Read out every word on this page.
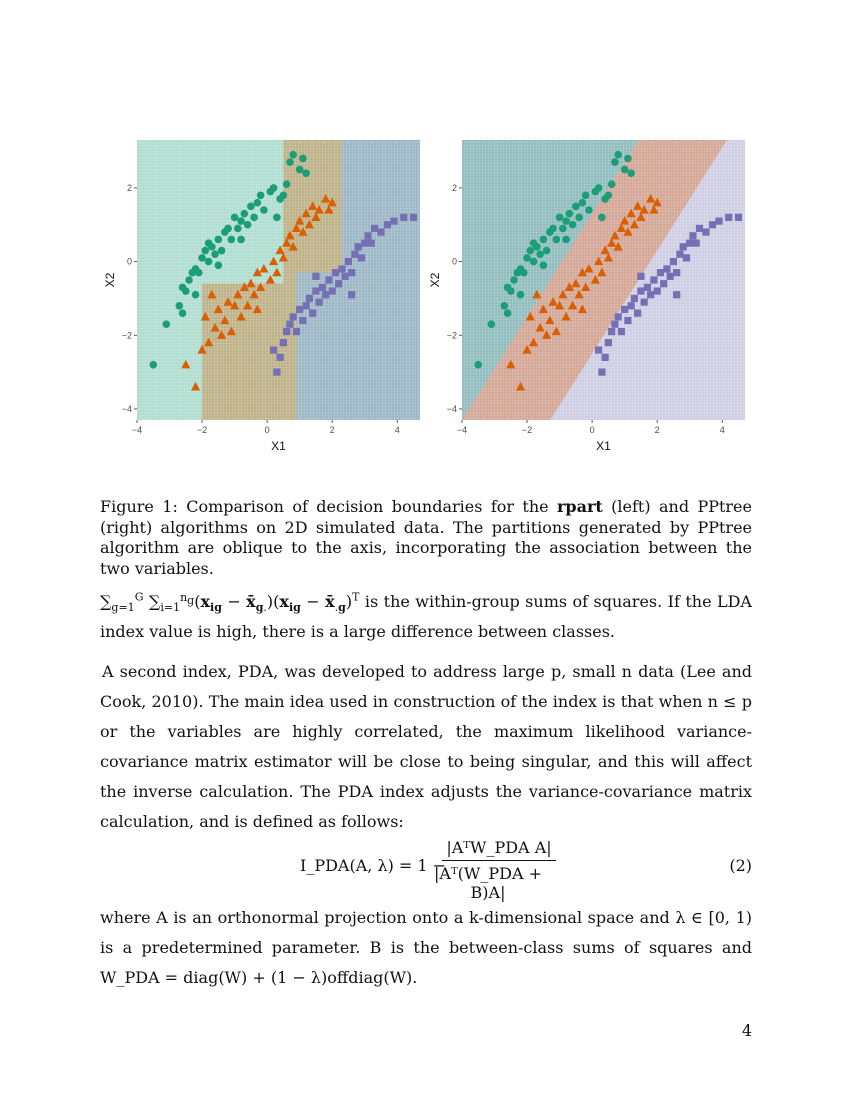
−4	−2	0	2	4
−4
−2
0
2
X1
X2
−4	−2	0	2	4
−4
−2
0
2
X1
X2
Figure 1: Comparison of decision boundaries for the rpart (left) and PPtree (right) algorithms on 2D simulated data. The partitions generated by PPtree algorithm are oblique to the axis, incorporating the association between the two variables.
$\sum_{g=1}^G$ $\sum_{i=1}^{n_g}(x_{ig}$ − $x̄_{g.})(x_{ig}$ − $x̄_{.g})^T$ is the within-group sums of squares. If the LDA index value is high, there is a large difference between classes.
A second index, PDA, was developed to address large p, small n data (Lee and Cook, 2010). The main idea used in construction of the index is that when n ≤ p or the variables are highly correlated, the maximum likelihood variance-covariance matrix estimator will be close to being singular, and this will affect the inverse calculation. The PDA index adjusts the variance-covariance matrix calculation, and is defined as follows:
I_PDA(A, λ) = 1 −
|AᵀW_PDA A|
|Aᵀ(W_PDA + B)A|
(2)
where A is an orthonormal projection onto a k-dimensional space and λ ∈ [0, 1) is a predetermined parameter. B is the between-class sums of squares and W_PDA = diag(W) + (1 − λ)offdiag(W).
4
